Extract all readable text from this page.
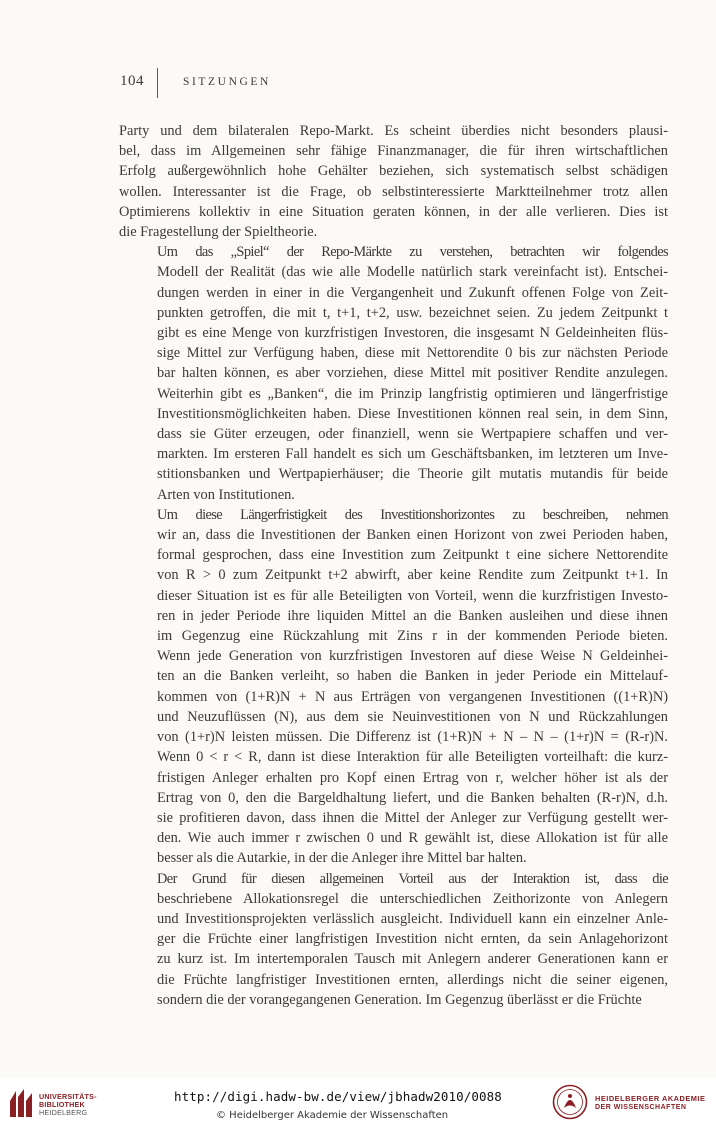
104	SITZUNGEN

Party und dem bilateralen Repo-Markt. Es scheint überdies nicht besonders plausi-
bel, dass im Allgemeinen sehr fähige Finanzmanager, die für ihren wirtschaftlichen
Erfolg außergewöhnlich hohe Gehälter beziehen, sich systematisch selbst schädigen
wollen. Interessanter ist die Frage, ob selbstinteressierte Marktteilnehmer trotz allen
Optimierens kollektiv in eine Situation geraten können, in der alle verlieren. Dies ist
die Fragestellung der Spieltheorie.

Um das „Spiel“ der Repo-Märkte zu verstehen, betrachten wir folgendes
Modell der Realität (das wie alle Modelle natürlich stark vereinfacht ist). Entschei-
dungen werden in einer in die Vergangenheit und Zukunft offenen Folge von Zeit-
punkten getroffen, die mit t, t+1, t+2, usw. bezeichnet seien. Zu jedem Zeitpunkt t
gibt es eine Menge von kurzfristigen Investoren, die insgesamt N Geldeinheiten flüs-
sige Mittel zur Verfügung haben, diese mit Nettorendite 0 bis zur nächsten Periode
bar halten können, es aber vorziehen, diese Mittel mit positiver Rendite anzulegen.
Weiterhin gibt es „Banken“, die im Prinzip langfristig optimieren und längerfristige
Investitionsmöglichkeiten haben. Diese Investitionen können real sein, in dem Sinn,
dass sie Güter erzeugen, oder finanziell, wenn sie Wertpapiere schaffen und ver-
markten. Im ersteren Fall handelt es sich um Geschäftsbanken, im letzteren um Inve-
stitionsbanken und Wertpapierhäuser; die Theorie gilt mutatis mutandis für beide
Arten von Institutionen.

Um diese Längerfristigkeit des Investitionshorizontes zu beschreiben, nehmen
wir an, dass die Investitionen der Banken einen Horizont von zwei Perioden haben,
formal gesprochen, dass eine Investition zum Zeitpunkt t eine sichere Nettorendite
von R > 0 zum Zeitpunkt t+2 abwirft, aber keine Rendite zum Zeitpunkt t+1. In
dieser Situation ist es für alle Beteiligten von Vorteil, wenn die kurzfristigen Investo-
ren in jeder Periode ihre liquiden Mittel an die Banken ausleihen und diese ihnen
im Gegenzug eine Rückzahlung mit Zins r in der kommenden Periode bieten.
Wenn jede Generation von kurzfristigen Investoren auf diese Weise N Geldeinhei-
ten an die Banken verleiht, so haben die Banken in jeder Periode ein Mittelauf-
kommen von (1+R)N + N aus Erträgen von vergangenen Investitionen ((1+R)N)
und Neuzuflüssen (N), aus dem sie Neuinvestitionen von N und Rückzahlungen
von (1+r)N leisten müssen. Die Differenz ist (1+R)N + N – N – (1+r)N = (R-r)N.
Wenn 0 < r < R, dann ist diese Interaktion für alle Beteiligten vorteilhaft: die kurz-
fristigen Anleger erhalten pro Kopf einen Ertrag von r, welcher höher ist als der
Ertrag von 0, den die Bargeldhaltung liefert, und die Banken behalten (R-r)N, d.h.
sie profitieren davon, dass ihnen die Mittel der Anleger zur Verfügung gestellt wer-
den. Wie auch immer r zwischen 0 und R gewählt ist, diese Allokation ist für alle
besser als die Autarkie, in der die Anleger ihre Mittel bar halten.

Der Grund für diesen allgemeinen Vorteil aus der Interaktion ist, dass die
beschriebene Allokationsregel die unterschiedlichen Zeithorizonte von Anlegern
und Investitionsprojekten verlässlich ausgleicht. Individuell kann ein einzelner Anle-
ger die Früchte einer langfristigen Investition nicht ernten, da sein Anlagehorizont
zu kurz ist. Im intertemporalen Tausch mit Anlegern anderer Generationen kann er
die Früchte langfristiger Investitionen ernten, allerdings nicht die seiner eigenen,
sondern die der vorangegangenen Generation. Im Gegenzug überlässt er die Früchte

UNIVERSITÄTS-
BIBLIOTHEK
HEIDELBERG
http://digi.hadw-bw.de/view/jbhadw2010/0088
© Heidelberger Akademie der Wissenschaften
HEIDELBERGER AKADEMIE
DER WISSENSCHAFTEN
